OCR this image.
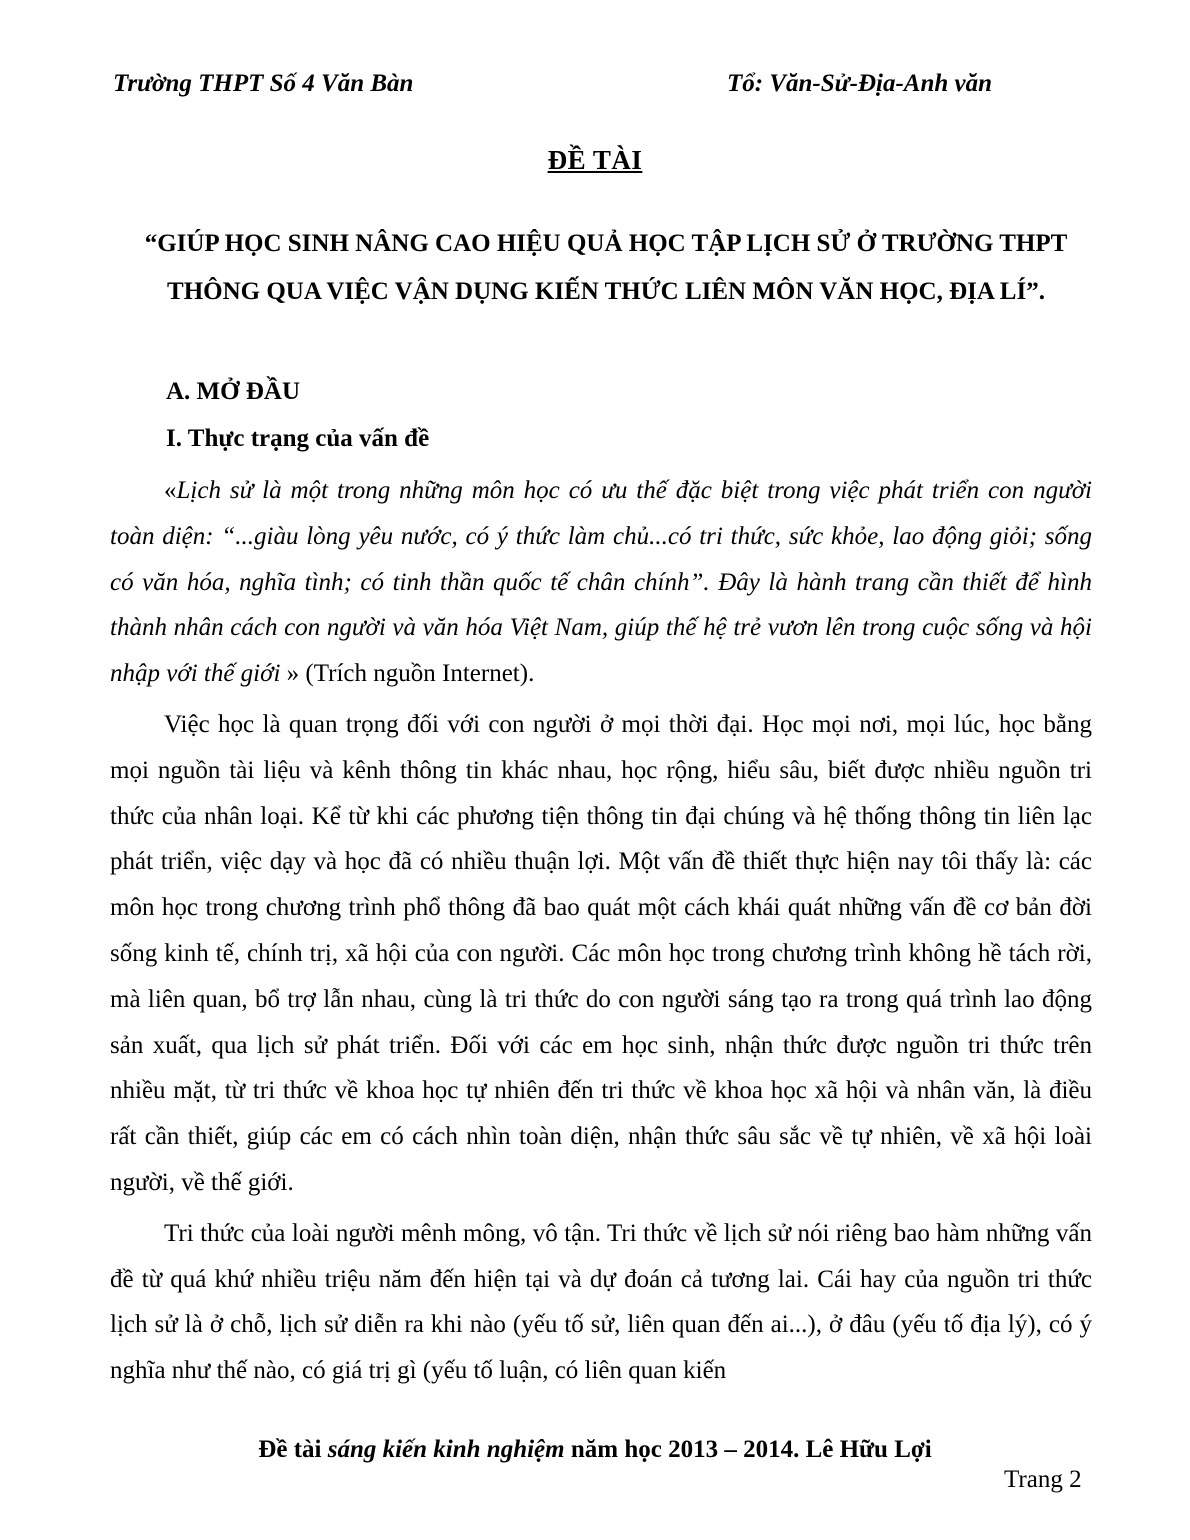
Trường THPT Số 4 Văn Bàn	Tổ: Văn-Sử-Địa-Anh văn
ĐỀ TÀI
“GIÚP HỌC SINH NÂNG CAO HIỆU QUẢ HỌC TẬP LỊCH SỬ Ở TRƯỜNG THPT THÔNG QUA VIỆC VẬN DỤNG KIẾN THỨC LIÊN MÔN VĂN HỌC, ĐỊA LÍ”.
A. MỞ ĐẦU
I. Thực trạng của vấn đề

«Lịch sử là một trong những môn học có ưu thế đặc biệt trong việc phát triển con người toàn diện: “...giàu lòng yêu nước, có ý thức làm chủ...có tri thức, sức khỏe, lao động giỏi; sống có văn hóa, nghĩa tình; có tinh thần quốc tế chân chính”. Đây là hành trang cần thiết để hình thành nhân cách con người và văn hóa Việt Nam, giúp thế hệ trẻ vươn lên trong cuộc sống và hội nhập với thế giới » (Trích nguồn Internet).

Việc học là quan trọng đối với con người ở mọi thời đại. Học mọi nơi, mọi lúc, học bằng mọi nguồn tài liệu và kênh thông tin khác nhau, học rộng, hiểu sâu, biết được nhiều nguồn tri thức của nhân loại. Kể từ khi các phương tiện thông tin đại chúng và hệ thống thông tin liên lạc phát triển, việc dạy và học đã có nhiều thuận lợi. Một vấn đề thiết thực hiện nay tôi thấy là: các môn học trong chương trình phổ thông đã bao quát một cách khái quát những vấn đề cơ bản đời sống kinh tế, chính trị, xã hội của con người. Các môn học trong chương trình không hề tách rời, mà liên quan, bổ trợ lẫn nhau, cùng là tri thức do con người sáng tạo ra trong quá trình lao động sản xuất, qua lịch sử phát triển. Đối với các em học sinh, nhận thức được nguồn tri thức trên nhiều mặt, từ tri thức về khoa học tự nhiên đến tri thức về khoa học xã hội và nhân văn, là điều rất cần thiết, giúp các em có cách nhìn toàn diện, nhận thức sâu sắc về tự nhiên, về xã hội loài người, về thế giới.

Tri thức của loài người mênh mông, vô tận. Tri thức về lịch sử nói riêng bao hàm những vấn đề từ quá khứ nhiều triệu năm đến hiện tại và dự đoán cả tương lai. Cái hay của nguồn tri thức lịch sử là ở chỗ, lịch sử diễn ra khi nào (yếu tố sử, liên quan đến ai...), ở đâu (yếu tố địa lý), có ý nghĩa như thế nào, có giá trị gì (yếu tố luận, có liên quan kiến

Đề tài sáng kiến kinh nghiệm năm học 2013 – 2014. Lê Hữu Lợi
Trang 2
